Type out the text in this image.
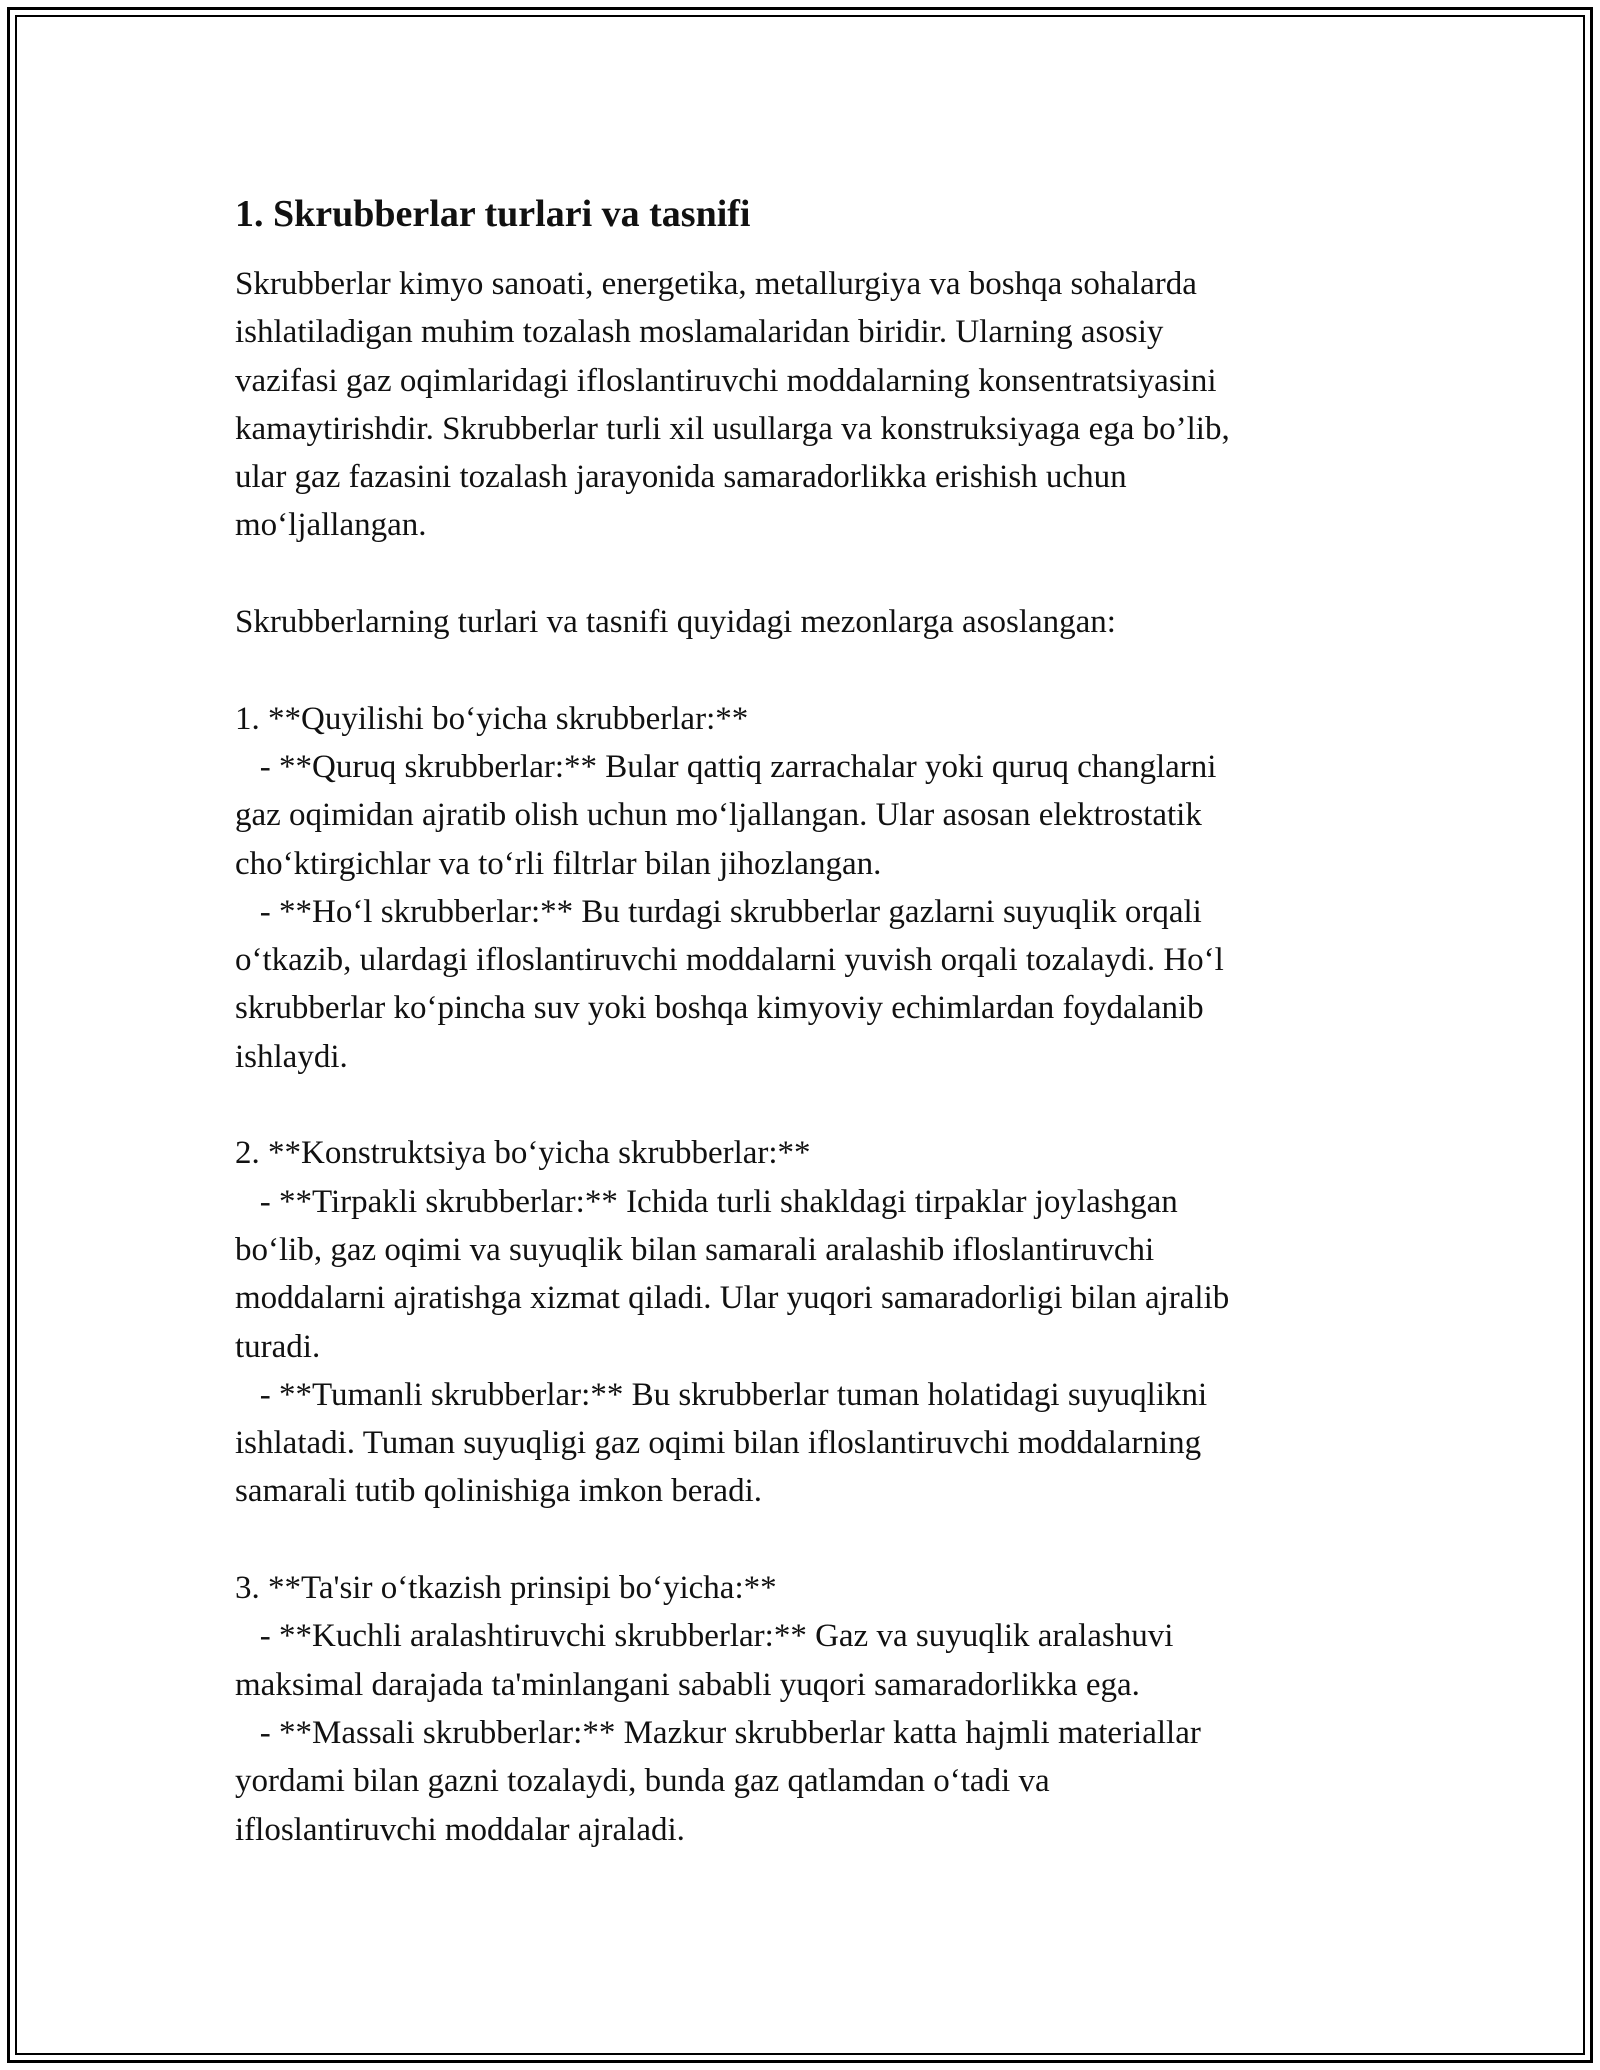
1. Skrubberlar turlari va tasnifi

Skrubberlar kimyo sanoati, energetika, metallurgiya va boshqa sohalarda
ishlatiladigan muhim tozalash moslamalaridan biridir. Ularning asosiy
vazifasi gaz oqimlaridagi ifloslantiruvchi moddalarning konsentratsiyasini
kamaytirishdir. Skrubberlar turli xil usullarga va konstruksiyaga ega bo’lib,
ular gaz fazasini tozalash jarayonida samaradorlikka erishish uchun
mo‘ljallangan.

Skrubberlarning turlari va tasnifi quyidagi mezonlarga asoslangan:

1. **Quyilishi bo‘yicha skrubberlar:**
- **Quruq skrubberlar:** Bular qattiq zarrachalar yoki quruq changlarni
gaz oqimidan ajratib olish uchun mo‘ljallangan. Ular asosan elektrostatik
cho‘ktirgichlar va to‘rli filtrlar bilan jihozlangan.
- **Ho‘l skrubberlar:** Bu turdagi skrubberlar gazlarni suyuqlik orqali
o‘tkazib, ulardagi ifloslantiruvchi moddalarni yuvish orqali tozalaydi. Ho‘l
skrubberlar ko‘pincha suv yoki boshqa kimyoviy echimlardan foydalanib
ishlaydi.

2. **Konstruktsiya bo‘yicha skrubberlar:**
- **Tirpakli skrubberlar:** Ichida turli shakldagi tirpaklar joylashgan
bo‘lib, gaz oqimi va suyuqlik bilan samarali aralashib ifloslantiruvchi
moddalarni ajratishga xizmat qiladi. Ular yuqori samaradorligi bilan ajralib
turadi.
- **Tumanli skrubberlar:** Bu skrubberlar tuman holatidagi suyuqlikni
ishlatadi. Tuman suyuqligi gaz oqimi bilan ifloslantiruvchi moddalarning
samarali tutib qolinishiga imkon beradi.

3. **Ta'sir o‘tkazish prinsipi bo‘yicha:**
- **Kuchli aralashtiruvchi skrubberlar:** Gaz va suyuqlik aralashuvi
maksimal darajada ta'minlangani sababli yuqori samaradorlikka ega.
- **Massali skrubberlar:** Mazkur skrubberlar katta hajmli materiallar
yordami bilan gazni tozalaydi, bunda gaz qatlamdan o‘tadi va
ifloslantiruvchi moddalar ajraladi.
